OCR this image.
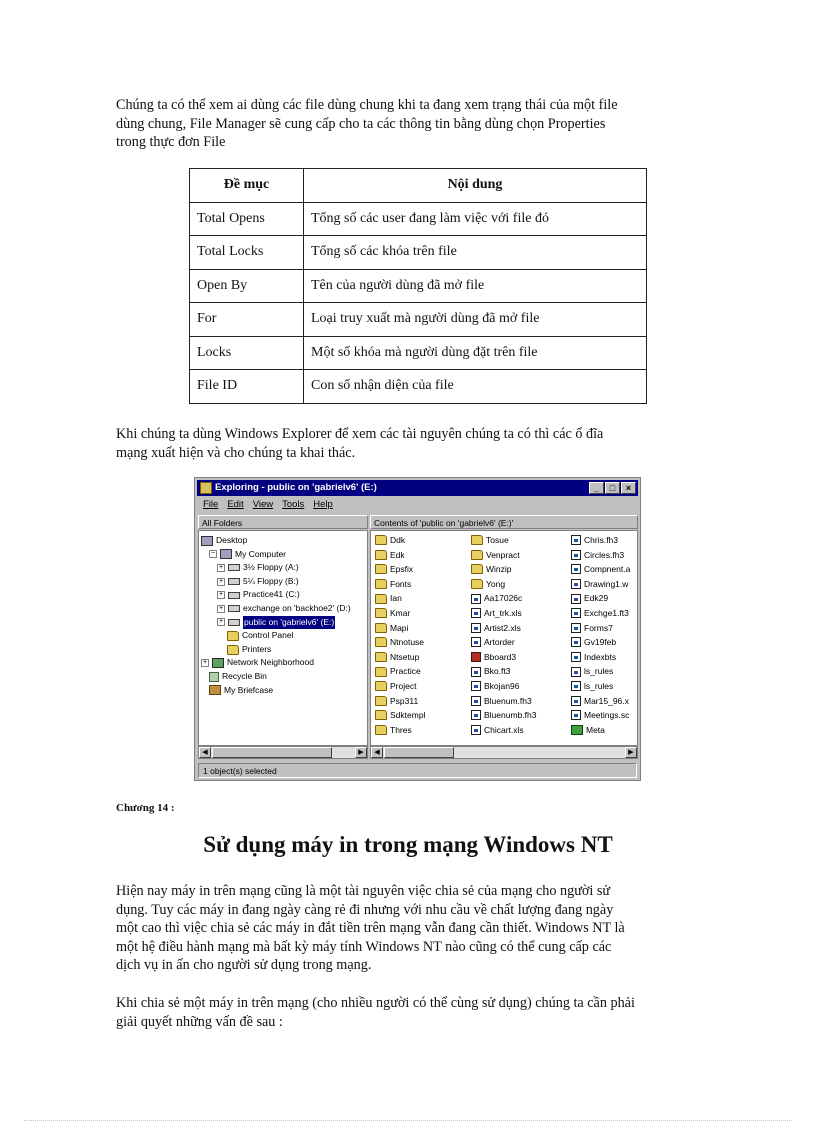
Chúng ta có thể xem ai dùng các file dùng chung khi ta đang xem trạng thái của một file
dùng chung, File Manager sẽ cung cấp cho ta các thông tin bằng dùng chọn Properties
trong thực đơn File
Đề mục	Nội dung
Total Opens	Tổng số các user đang làm việc với file đó
Total Locks	Tổng số các khóa trên file
Open By	Tên của người dùng đã mở file
For	Loại truy xuất mà người dùng đã mở file
Locks	Một số khóa mà người dùng đặt trên file
File ID	Con số nhận diện của file
Khi chúng ta dùng Windows Explorer để xem các tài nguyên chúng ta có thì các ổ đĩa
mạng xuất hiện và cho chúng ta khai thác.
Exploring - public on 'gabrielv6' (E:)	_	□	×
File Edit View Tools Help
All Folders	Contents of 'public on 'gabrielv6' (E:)'
Desktop
− My Computer
+ 3½ Floppy (A:)
+ 5¼ Floppy (B:)
+ Practice41 (C:)
+ exchange on 'backhoe2' (D:)
+ public on 'gabrielv6' (E:)
Control Panel
Printers
+ Network Neighborhood
Recycle Bin
My Briefcase
Ddk
Edk
Epsfix
Fonts
Ian
Kmar
Mapi
Ntnotuse
Ntsetup
Practice
Project
Psp311
Sdktempl
Thres
Tosue
Venpract
Winzip
Yong
Aa17026c
Art_trk.xls
Artist2.xls
Artorder
Bboard3
Bko.ft3
Bkojan96
Bluenum.fh3
Bluenumb.fh3
Chicart.xls
Chris.fh3
Circles.fh3
Compnent.a
Drawing1.w
Edk29
Exchge1.ft3
Forms7
Gv19feb
Indexbts
ls_rules
ls_rules
Mar15_96.x
Meetings.sc
Meta
◀	▶	◀	▶
1 object(s) selected
Chương 14 :
Sử dụng máy in trong mạng Windows NT
Hiện nay máy in trên mạng cũng là một tài nguyên việc chia sẻ của mạng cho người sử
dụng. Tuy các máy in đang ngày càng rẻ đi nhưng với nhu cầu về chất lượng đang ngày
một cao thì việc chia sẻ các máy in đắt tiền trên mạng vẫn đang cần thiết. Windows NT là
một hệ điều hành mạng mà bất kỳ máy tính Windows NT nào cũng có thể cung cấp các
dịch vụ in ấn cho người sử dụng trong mạng.
Khi chia sẻ một máy in trên mạng (cho nhiều người có thể cùng sử dụng) chúng ta cần phải
giải quyết những vấn đề sau :
